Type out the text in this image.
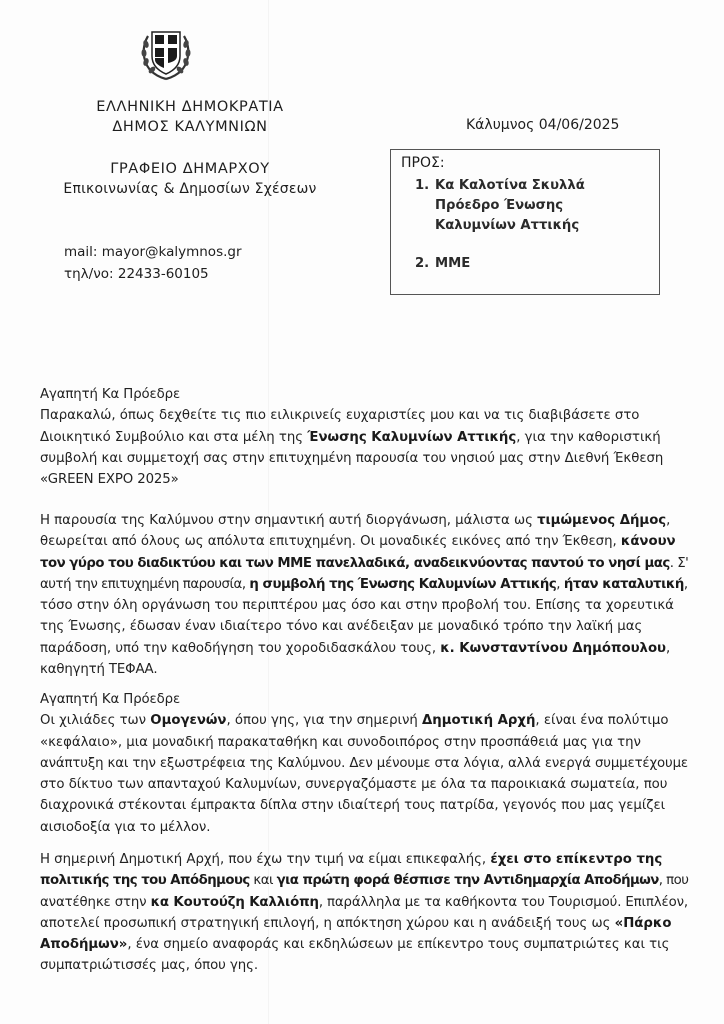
ΕΛΛΗΝΙΚΗ ΔΗΜΟΚΡΑΤΙΑ
ΔΗΜΟΣ ΚΑΛΥΜΝΙΩΝ
ΓΡΑΦΕΙΟ ΔΗΜΑΡΧΟΥ
Επικοινωνίας & Δημοσίων Σχέσεων
mail: mayor@kalymnos.gr
τηλ/νο: 22433-60105
Κάλυμνος 04/06/2025
ΠΡΟΣ:
1. Κα Καλοτίνα Σκυλλά
Πρόεδρο Ένωσης
Καλυμνίων Αττικής
2. ΜΜΕ

Αγαπητή Κα Πρόεδρε

Παρακαλώ, όπως δεχθείτε τις πιο ειλικρινείς ευχαριστίες μου και να τις διαβιβάσετε στο

Διοικητικό Συμβούλιο και στα μέλη της Ένωσης Καλυμνίων Αττικής, για την καθοριστική

συμβολή και συμμετοχή σας στην επιτυχημένη παρουσία του νησιού μας στην Διεθνή Έκθεση

«GREEN EXPO 2025»

Η παρουσία της Καλύμνου στην σημαντική αυτή διοργάνωση, μάλιστα ως τιμώμενος Δήμος,

θεωρείται από όλους ως απόλυτα επιτυχημένη. Οι μοναδικές εικόνες από την Έκθεση, κάνουν

τον γύρο του διαδικτύου και των ΜΜΕ πανελλαδικά, αναδεικνύοντας παντού το νησί μας. Σ'

αυτή την επιτυχημένη παρουσία, η συμβολή της Ένωσης Καλυμνίων Αττικής, ήταν καταλυτική,

τόσο στην όλη οργάνωση του περιπτέρου μας όσο και στην προβολή του. Επίσης τα χορευτικά

της Ένωσης, έδωσαν έναν ιδιαίτερο τόνο και ανέδειξαν με μοναδικό τρόπο την λαϊκή μας

παράδοση, υπό την καθοδήγηση του χοροδιδασκάλου τους, κ. Κωνσταντίνου Δημόπουλου,

καθηγητή ΤΕΦΑΑ.

Αγαπητή Κα Πρόεδρε

Οι χιλιάδες των Ομογενών, όπου γης, για την σημερινή Δημοτική Αρχή, είναι ένα πολύτιμο

«κεφάλαιο», μια μοναδική παρακαταθήκη και συνοδοιπόρος στην προσπάθειά μας για την

ανάπτυξη και την εξωστρέφεια της Καλύμνου. Δεν μένουμε στα λόγια, αλλά ενεργά συμμετέχουμε

στο δίκτυο των απανταχού Καλυμνίων, συνεργαζόμαστε με όλα τα παροικιακά σωματεία, που

διαχρονικά στέκονται έμπρακτα δίπλα στην ιδιαίτερή τους πατρίδα, γεγονός που μας γεμίζει

αισιοδοξία για το μέλλον.

Η σημερινή Δημοτική Αρχή, που έχω την τιμή να είμαι επικεφαλής, έχει στο επίκεντρο της

πολιτικής της του Απόδημους και για πρώτη φορά θέσπισε την Αντιδημαρχία Αποδήμων, που

ανατέθηκε στην κα Κουτούζη Καλλιόπη, παράλληλα με τα καθήκοντα του Τουρισμού. Επιπλέον,

αποτελεί προσωπική στρατηγική επιλογή, η απόκτηση χώρου και η ανάδειξή τους ως «Πάρκο

Αποδήμων», ένα σημείο αναφοράς και εκδηλώσεων με επίκεντρο τους συμπατριώτες και τις

συμπατριώτισσές μας, όπου γης.
